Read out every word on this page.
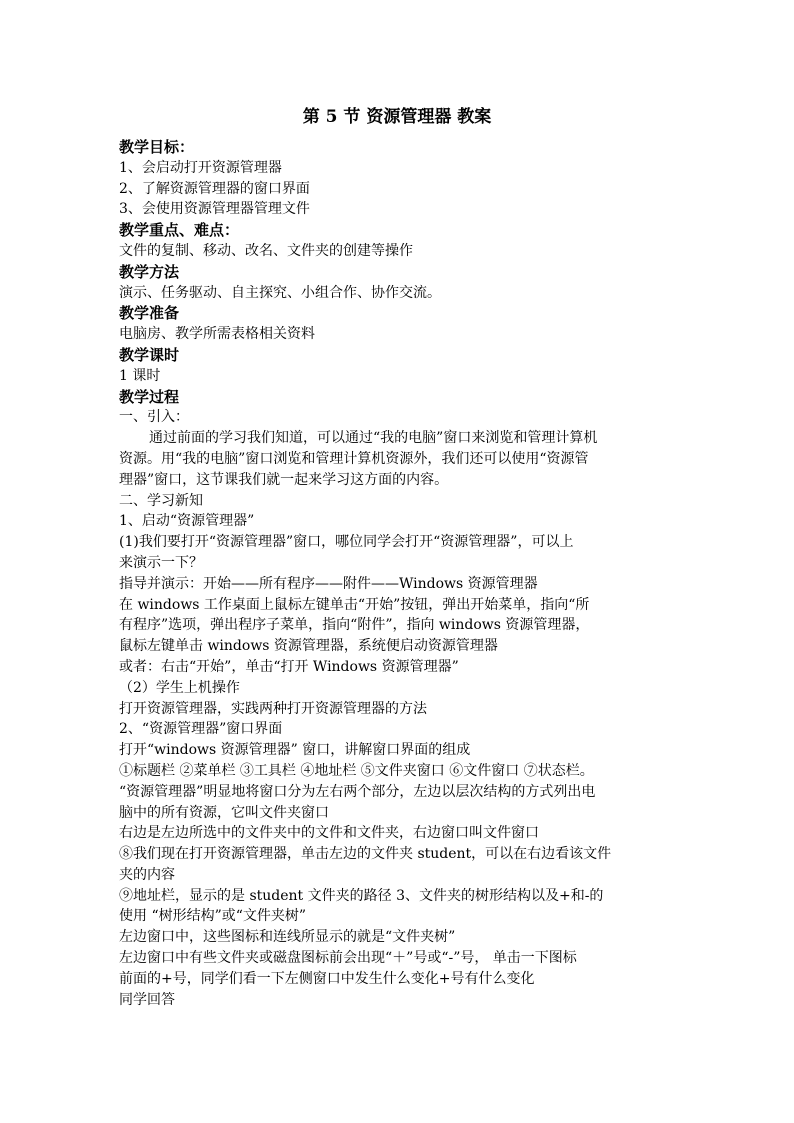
第 5 节 资源管理器 教案

教学目标：

1、会启动打开资源管理器

2、了解资源管理器的窗口界面

3、会使用资源管理器管理文件

教学重点、难点：

文件的复制、移动、改名、文件夹的创建等操作

教学方法

演示、任务驱动、自主探究、小组合作、协作交流。

教学准备

电脑房、教学所需表格相关资料

教学课时

1 课时

教学过程

一、引入：

通过前面的学习我们知道，可以通过“我的电脑”窗口来浏览和管理计算机

资源。用“我的电脑”窗口浏览和管理计算机资源外，我们还可以使用“资源管

理器”窗口，这节课我们就一起来学习这方面的内容。

二、学习新知

1、启动“资源管理器”

(1)我们要打开“资源管理器”窗口，哪位同学会打开“资源管理器”，可以上

来演示一下？

指导并演示：开始——所有程序——附件——Windows 资源管理器

在 windows 工作桌面上鼠标左键单击“开始”按钮，弹出开始菜单，指向“所

有程序”选项，弹出程序子菜单，指向“附件”，指向 windows 资源管理器，

鼠标左键单击 windows 资源管理器，系统便启动资源管理器

或者：右击“开始”，单击“打开 Windows 资源管理器”

（2）学生上机操作

打开资源管理器，实践两种打开资源管理器的方法

2、“资源管理器”窗口界面

打开“windows 资源管理器” 窗口，讲解窗口界面的组成

①标题栏 ②菜单栏 ③工具栏 ④地址栏 ⑤文件夹窗口 ⑥文件窗口 ⑦状态栏。

“资源管理器”明显地将窗口分为左右两个部分，左边以层次结构的方式列出电

脑中的所有资源，它叫文件夹窗口

右边是左边所选中的文件夹中的文件和文件夹，右边窗口叫文件窗口

⑧我们现在打开资源管理器，单击左边的文件夹 student，可以在右边看该文件

夹的内容

⑨地址栏，显示的是 student 文件夹的路径 3、文件夹的树形结构以及+和-的

使用 “树形结构”或“文件夹树”

左边窗口中，这些图标和连线所显示的就是“文件夹树”

左边窗口中有些文件夹或磁盘图标前会出现“＋”号或“-”号， 单击一下图标

前面的+号，同学们看一下左侧窗口中发生什么变化+号有什么变化

同学回答
